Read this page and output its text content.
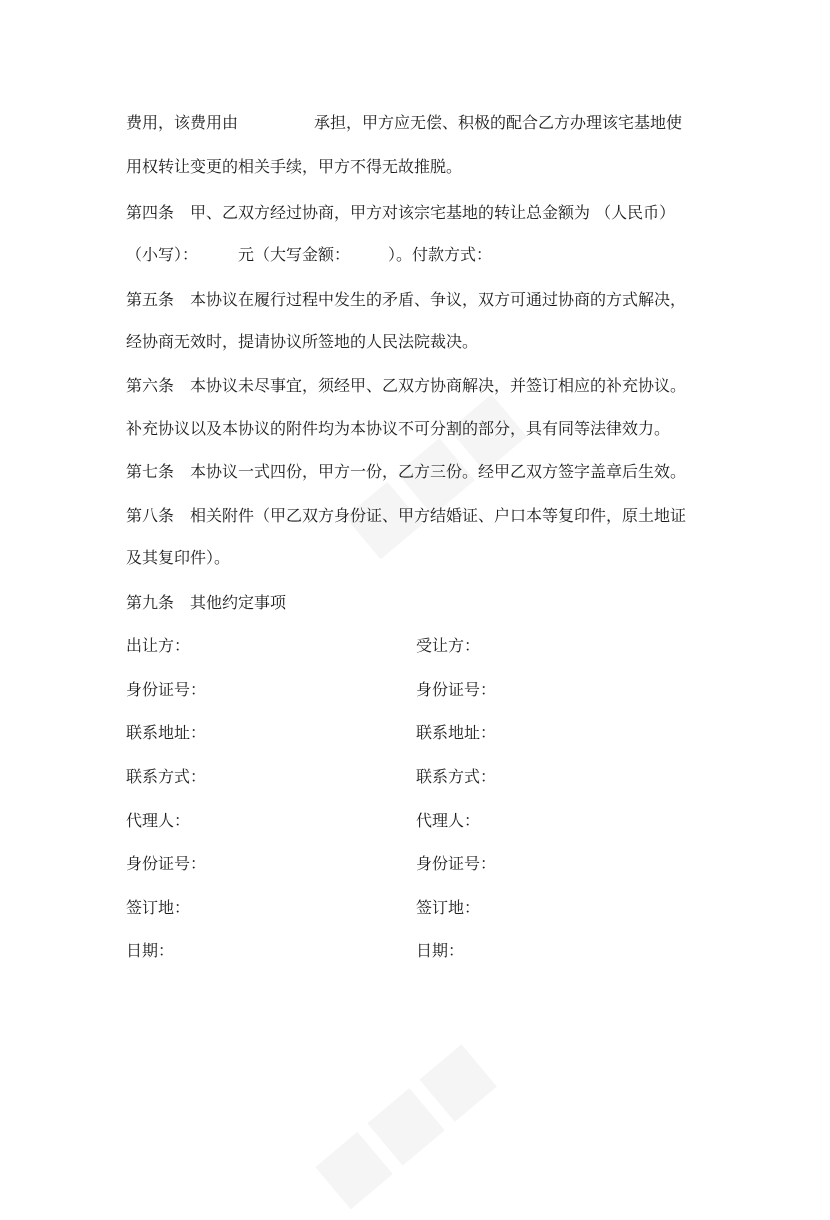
费用，该费用由	承担，甲方应无偿、积极的配合乙方办理该宅基地使
用权转让变更的相关手续，甲方不得无故推脱。
第四条　甲、乙双方经过协商，甲方对该宗宅基地的转让总金额为 （人民币）
（小写）：	元（大写金额： ）。付款方式：
第五条　本协议在履行过程中发生的矛盾、争议，双方可通过协商的方式解决，
经协商无效时，提请协议所签地的人民法院裁决。
第六条　本协议未尽事宜，须经甲、乙双方协商解决，并签订相应的补充协议。
补充协议以及本协议的附件均为本协议不可分割的部分，具有同等法律效力。
第七条　本协议一式四份，甲方一份，乙方三份。经甲乙双方签字盖章后生效。
第八条　相关附件（甲乙双方身份证、甲方结婚证、户口本等复印件，原土地证
及其复印件）。
第九条　其他约定事项
出让方：	受让方：
身份证号：	身份证号：
联系地址：	联系地址：
联系方式：	联系方式：
代理人：	代理人：
身份证号：	身份证号：
签订地：	签订地：
日期：	日期：
